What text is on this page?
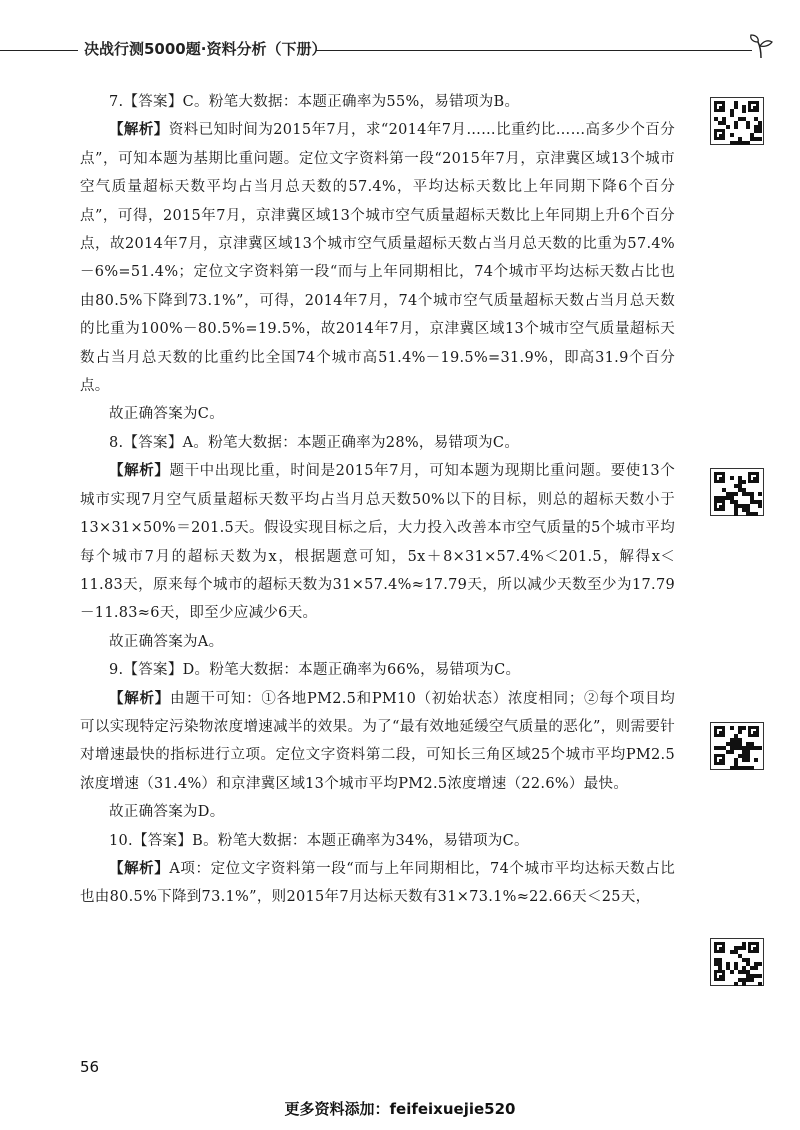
决战行测5000题·资料分析（下册）

7.【答案】C。粉笔大数据：本题正确率为55%，易错项为B。

【解析】资料已知时间为2015年7月，求“2014年7月……比重约比……高多少个百分点”，可知本题为基期比重问题。定位文字资料第一段“2015年7月，京津冀区域13个城市空气质量超标天数平均占当月总天数的57.4%，平均达标天数比上年同期下降6个百分点”，可得，2015年7月，京津冀区域13个城市空气质量超标天数比上年同期上升6个百分点，故2014年7月，京津冀区域13个城市空气质量超标天数占当月总天数的比重为57.4%－6%=51.4%；定位文字资料第一段“而与上年同期相比，74个城市平均达标天数占比也由80.5%下降到73.1%”，可得，2014年7月，74个城市空气质量超标天数占当月总天数的比重为100%－80.5%=19.5%，故2014年7月，京津冀区域13个城市空气质量超标天数占当月总天数的比重约比全国74个城市高51.4%－19.5%=31.9%，即高31.9个百分点。

故正确答案为C。

8.【答案】A。粉笔大数据：本题正确率为28%，易错项为C。

【解析】题干中出现比重，时间是2015年7月，可知本题为现期比重问题。要使13个城市实现7月空气质量超标天数平均占当月总天数50%以下的目标，则总的超标天数小于13×31×50%＝201.5天。假设实现目标之后，大力投入改善本市空气质量的5个城市平均每个城市7月的超标天数为x，根据题意可知，5x＋8×31×57.4%＜201.5，解得x＜11.83天，原来每个城市的超标天数为31×57.4%≈17.79天，所以减少天数至少为17.79－11.83≈6天，即至少应减少6天。

故正确答案为A。

9.【答案】D。粉笔大数据：本题正确率为66%，易错项为C。

【解析】由题干可知：①各地PM2.5和PM10（初始状态）浓度相同；②每个项目均可以实现特定污染物浓度增速减半的效果。为了“最有效地延缓空气质量的恶化”，则需要针对增速最快的指标进行立项。定位文字资料第二段，可知长三角区域25个城市平均PM2.5浓度增速（31.4%）和京津冀区域13个城市平均PM2.5浓度增速（22.6%）最快。

故正确答案为D。

10.【答案】B。粉笔大数据：本题正确率为34%，易错项为C。

【解析】A项：定位文字资料第一段“而与上年同期相比，74个城市平均达标天数占比也由80.5%下降到73.1%”，则2015年7月达标天数有31×73.1%≈22.66天＜25天，

56
更多资料添加：feifeixuejie520
